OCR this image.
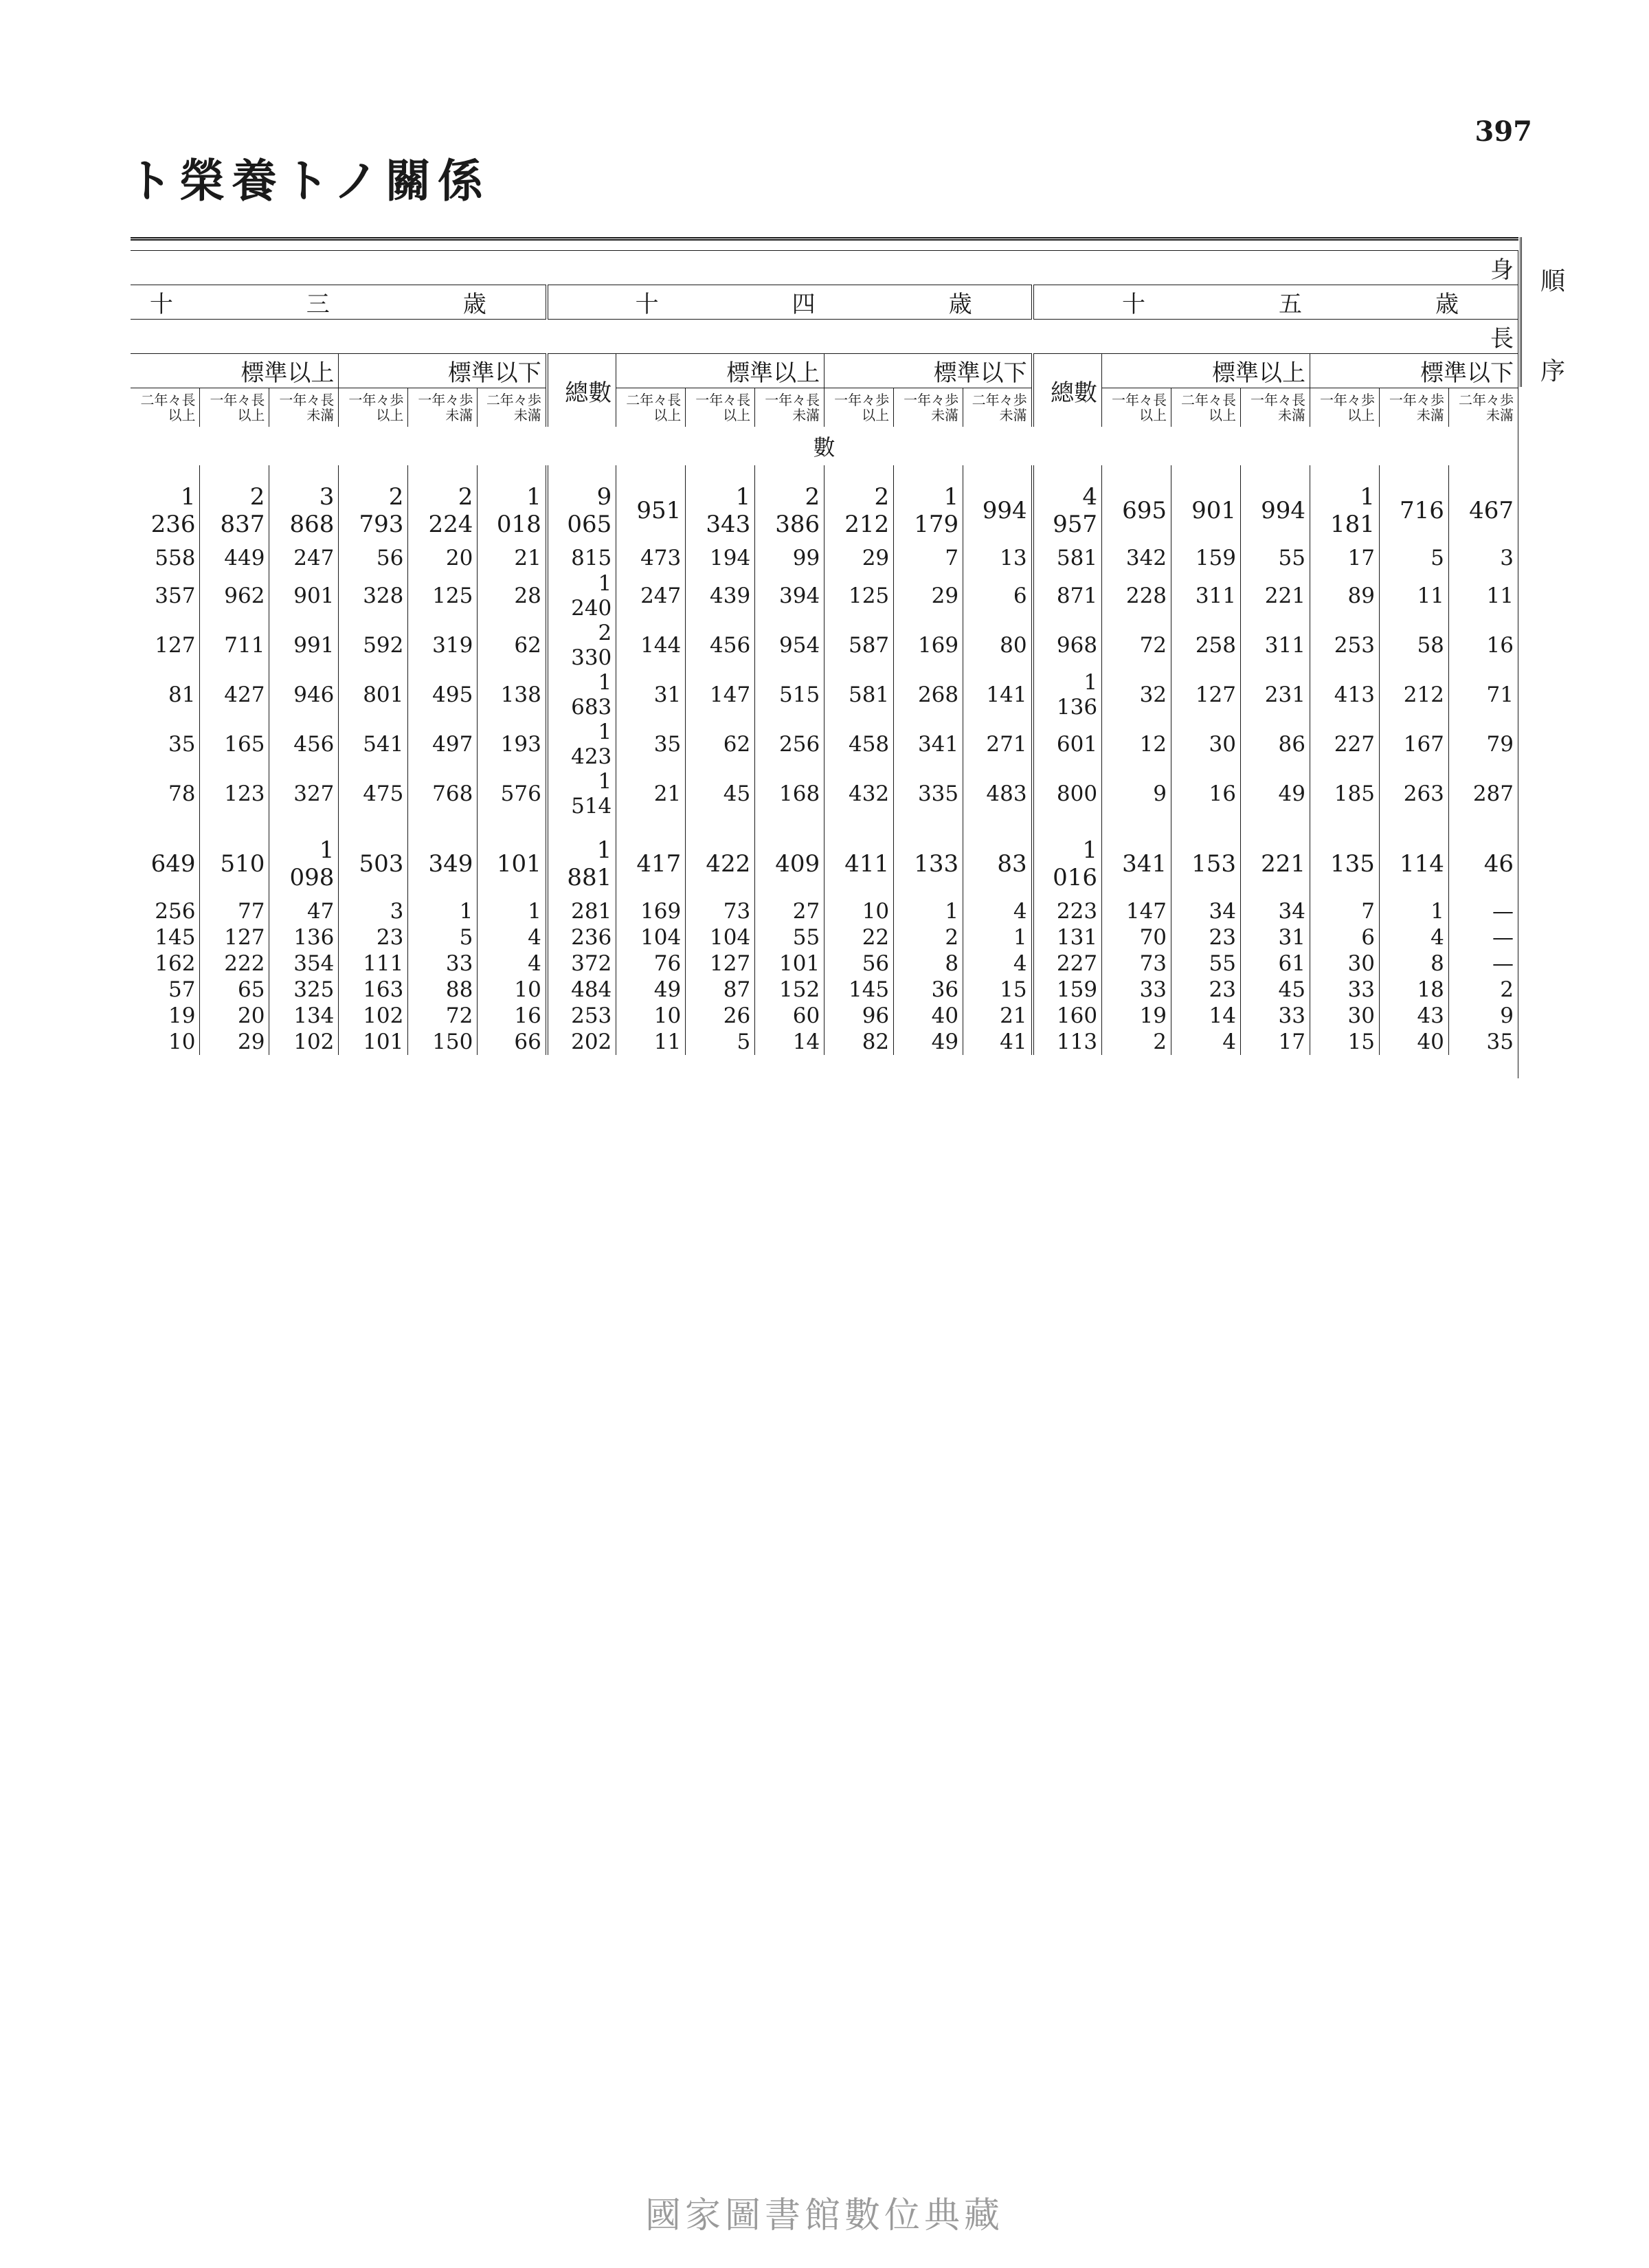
397
ト榮養トノ關係
身																			
十　三　歳						十　四　歳							十　五　歳						
長																			
標準以上			標準以下			總數	標準以上			標準以下			總數	標準以上			標準以下		
二年々長以上	一年々長以上	一年々長未滿	一年々歩以上	一年々歩未滿	二年々歩未滿		二年々長以上	一年々長以上	一年々長未滿	一年々歩以上	一年々歩未滿	二年々歩未滿		一年々長以上	二年々長以上	一年々長未滿	一年々歩以上	一年々歩未滿	二年々歩未滿
數																			
1 236	2 837	3 868	2 793	2 224	1 018	9 065	951	1 343	2 386	2 212	1 179	994	4 957	695	901	994	1 181	716	467
558	449	247	56	20	21	815	473	194	99	29	7	13	581	342	159	55	17	5	3
357	962	901	328	125	28	1 240	247	439	394	125	29	6	871	228	311	221	89	11	11
127	711	991	592	319	62	2 330	144	456	954	587	169	80	968	72	258	311	253	58	16
81	427	946	801	495	138	1 683	31	147	515	581	268	141	1 136	32	127	231	413	212	71
35	165	456	541	497	193	1 423	35	62	256	458	341	271	601	12	30	86	227	167	79
78	123	327	475	768	576	1 514	21	45	168	432	335	483	800	9	16	49	185	263	287
649	510	1 098	503	349	101	1 881	417	422	409	411	133	83	1 016	341	153	221	135	114	46
256	77	47	3	1	1	281	169	73	27	10	1	4	223	147	34	34	7	1	—
145	127	136	23	5	4	236	104	104	55	22	2	1	131	70	23	31	6	4	—
162	222	354	111	33	4	372	76	127	101	56	8	4	227	73	55	61	30	8	—
57	65	325	163	88	10	484	49	87	152	145	36	15	159	33	23	45	33	18	2
19	20	134	102	72	16	253	10	26	60	96	40	21	160	19	14	33	30	43	9
10	29	102	101	150	66	202	11	5	14	82	49	41	113	2	4	17	15	40	35

順
序
國家圖書館數位典藏
